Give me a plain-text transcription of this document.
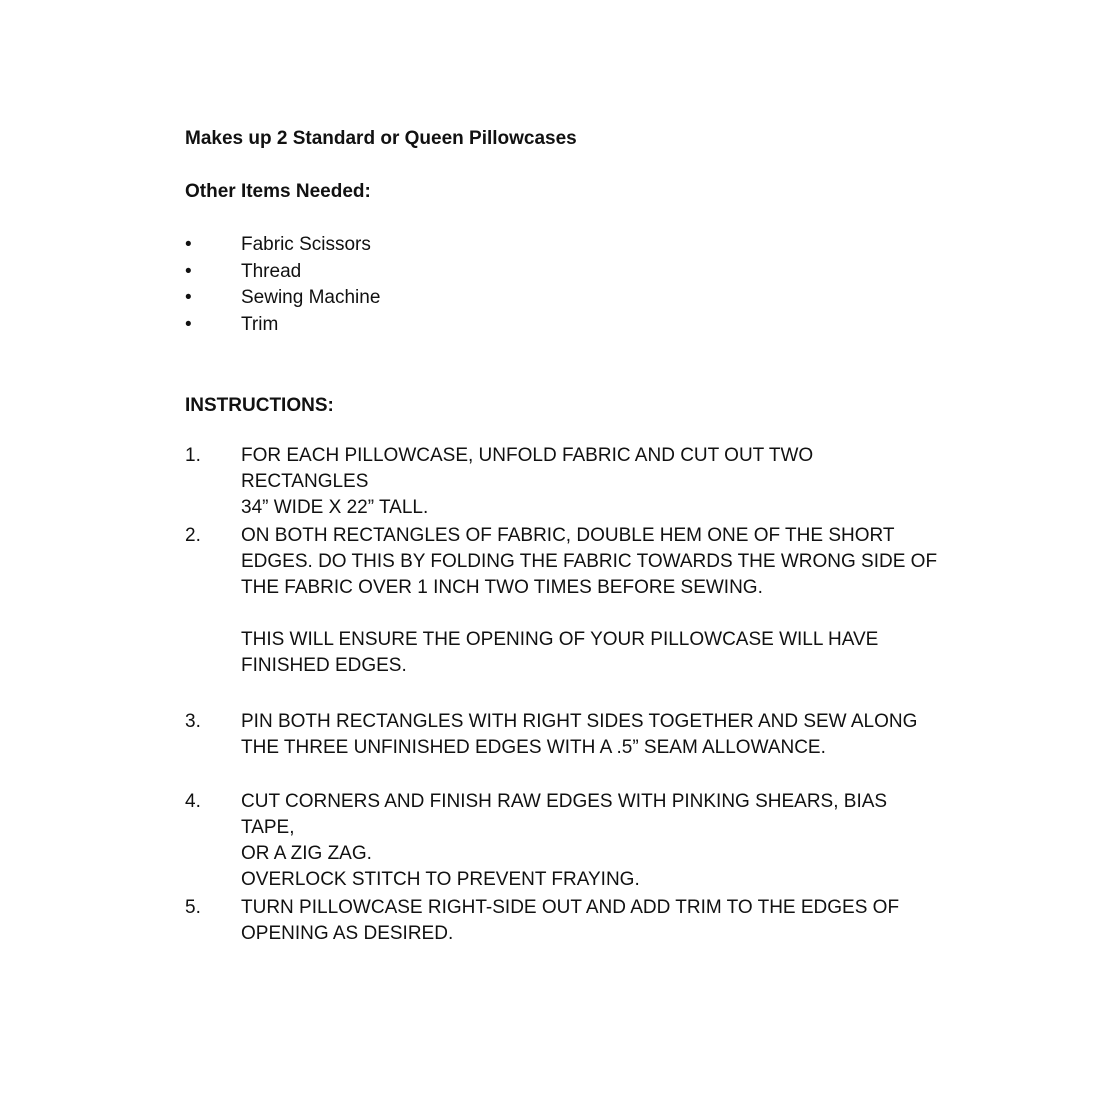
Makes up 2 Standard or Queen Pillowcases
Other Items Needed:
•	Fabric Scissors
•	Thread
•	Sewing Machine
•	Trim
INSTRUCTIONS:
1. FOR EACH PILLOWCASE, UNFOLD FABRIC AND CUT OUT TWO RECTANGLES
34” WIDE X 22” TALL.

2. ON BOTH RECTANGLES OF FABRIC, DOUBLE HEM ONE OF THE SHORT
EDGES. DO THIS BY FOLDING THE FABRIC TOWARDS THE WRONG SIDE OF
THE FABRIC OVER 1 INCH TWO TIMES BEFORE SEWING.

THIS WILL ENSURE THE OPENING OF YOUR PILLOWCASE WILL HAVE
FINISHED EDGES.

3. PIN BOTH RECTANGLES WITH RIGHT SIDES TOGETHER AND SEW ALONG
THE THREE UNFINISHED EDGES WITH A .5” SEAM ALLOWANCE.

4. CUT CORNERS AND FINISH RAW EDGES WITH PINKING SHEARS, BIAS TAPE,
OR A ZIG ZAG.
OVERLOCK STITCH TO PREVENT FRAYING.

5. TURN PILLOWCASE RIGHT-SIDE OUT AND ADD TRIM TO THE EDGES OF
OPENING AS DESIRED.
